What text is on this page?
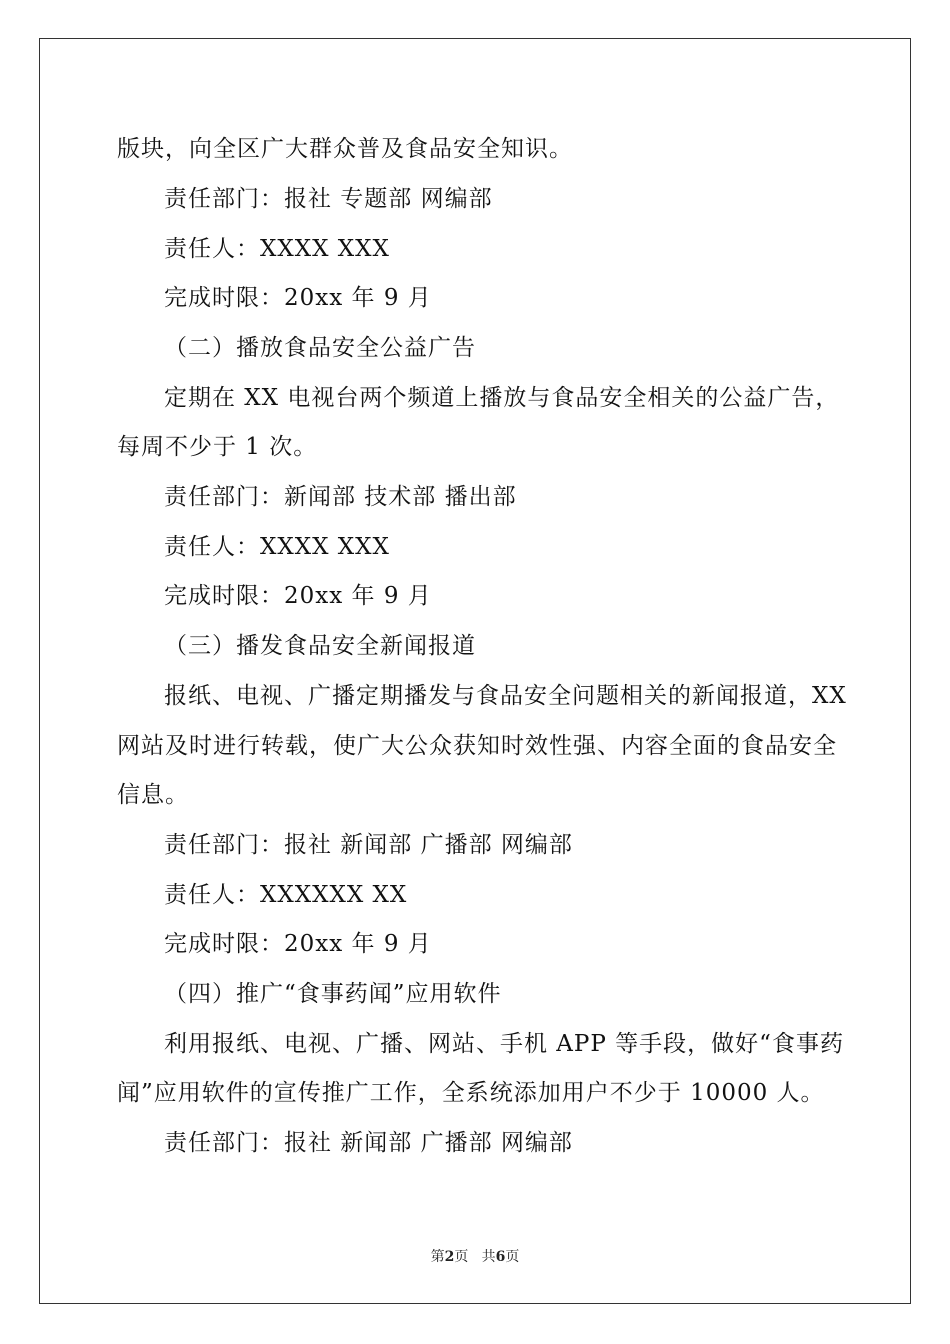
版块，向全区广大群众普及食品安全知识。

责任部门：报社 专题部 网编部

责任人：XXXX XXX

完成时限：20xx 年 9 月

（二）播放食品安全公益广告

定期在 XX 电视台两个频道上播放与食品安全相关的公益广告，

每周不少于 1 次。

责任部门：新闻部 技术部 播出部

责任人：XXXX XXX

完成时限：20xx 年 9 月

（三）播发食品安全新闻报道

报纸、电视、广播定期播发与食品安全问题相关的新闻报道，XX

网站及时进行转载，使广大公众获知时效性强、内容全面的食品安全

信息。

责任部门：报社 新闻部 广播部 网编部

责任人：XXXXXX XX

完成时限：20xx 年 9 月

（四）推广“食事药闻”应用软件

利用报纸、电视、广播、网站、手机 APP 等手段，做好“食事药

闻”应用软件的宣传推广工作，全系统添加用户不少于 10000 人。

责任部门：报社 新闻部 广播部 网编部

第2页 共6页
